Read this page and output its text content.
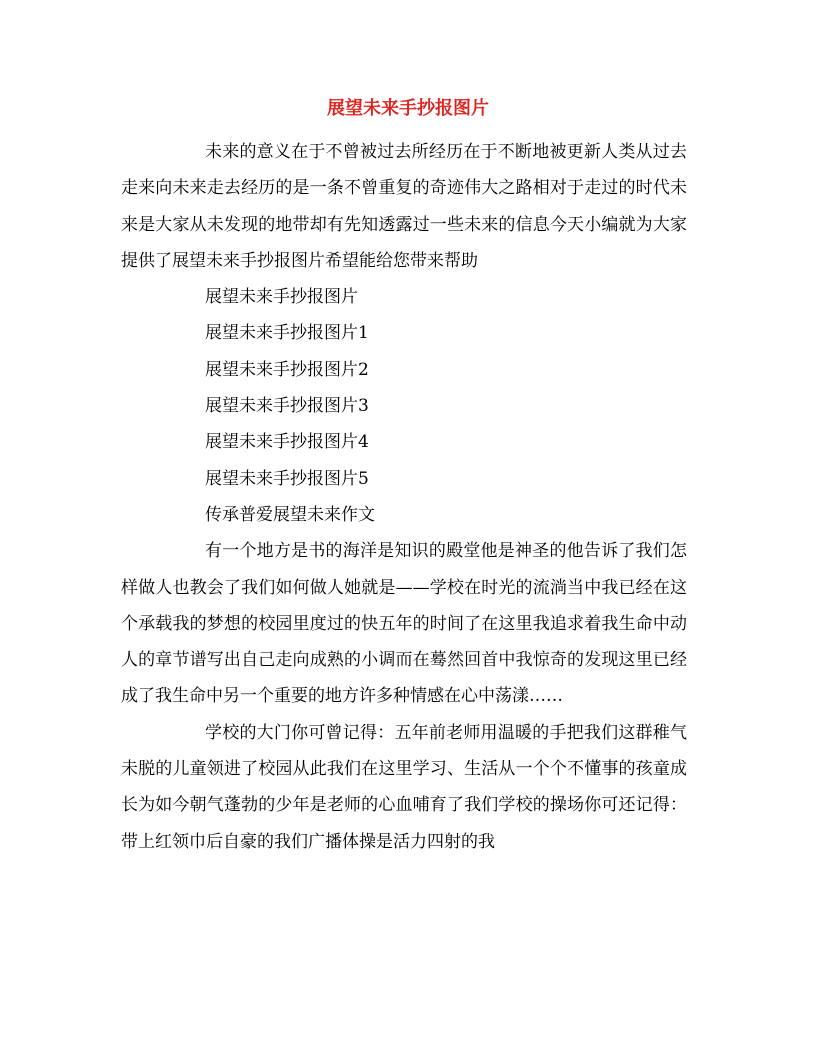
展望未来手抄报图片

未来的意义在于不曾被过去所经历在于不断地被更新人类从过去走来向未来走去经历的是一条不曾重复的奇迹伟大之路相对于走过的时代未来是大家从未发现的地带却有先知透露过一些未来的信息今天小编就为大家提供了展望未来手抄报图片希望能给您带来帮助

展望未来手抄报图片

展望未来手抄报图片1

展望未来手抄报图片2

展望未来手抄报图片3

展望未来手抄报图片4

展望未来手抄报图片5

传承普爱展望未来作文

有一个地方是书的海洋是知识的殿堂他是神圣的他告诉了我们怎样做人也教会了我们如何做人她就是——学校在时光的流淌当中我已经在这个承载我的梦想的校园里度过的快五年的时间了在这里我追求着我生命中动人的章节谱写出自己走向成熟的小调而在蓦然回首中我惊奇的发现这里已经成了我生命中另一个重要的地方许多种情感在心中荡漾……

学校的大门你可曾记得：五年前老师用温暖的手把我们这群稚气未脱的儿童领进了校园从此我们在这里学习、生活从一个个不懂事的孩童成长为如今朝气蓬勃的少年是老师的心血哺育了我们学校的操场你可还记得：带上红领巾后自豪的我们广播体操是活力四射的我
